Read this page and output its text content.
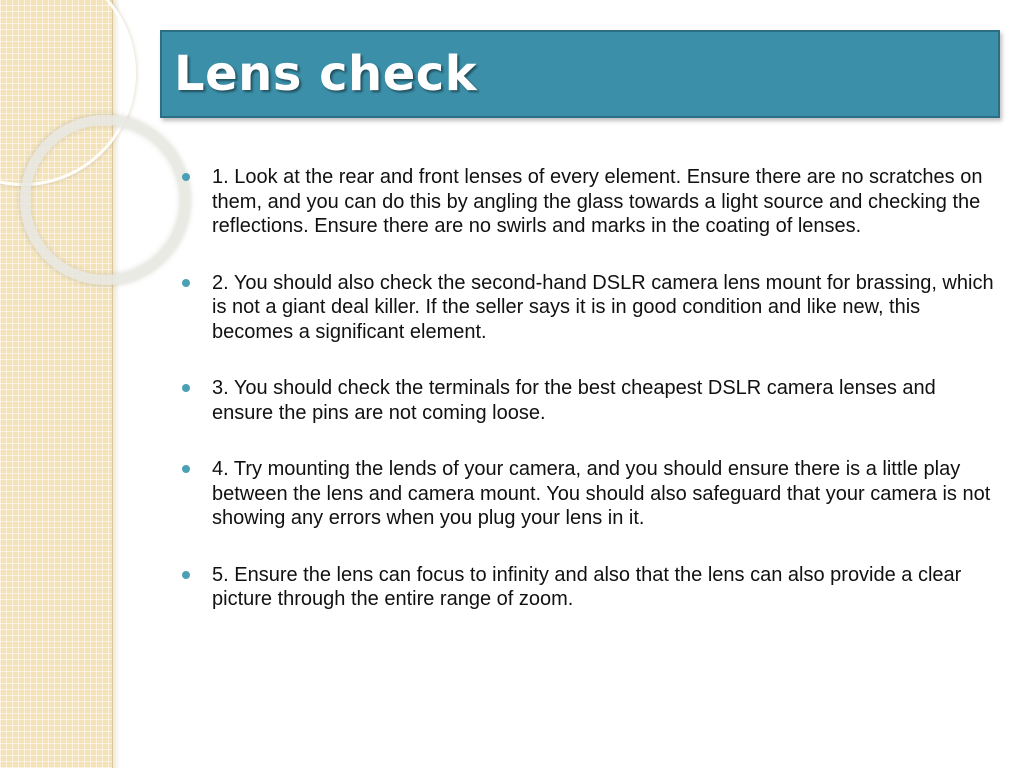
Lens check
1. Look at the rear and front lenses of every element. Ensure there are no scratches on them, and you can do this by angling the glass towards a light source and checking the reflections. Ensure there are no swirls and marks in the coating of lenses.
2. You should also check the second-hand DSLR camera lens mount for brassing, which is not a giant deal killer. If the seller says it is in good condition and like new, this becomes a significant element.
3. You should check the terminals for the best cheapest DSLR camera lenses and ensure the pins are not coming loose.
4. Try mounting the lends of your camera, and you should ensure there is a little play between the lens and camera mount. You should also safeguard that your camera is not showing any errors when you plug your lens in it.
5. Ensure the lens can focus to infinity and also that the lens can also provide a clear picture through the entire range of zoom.
